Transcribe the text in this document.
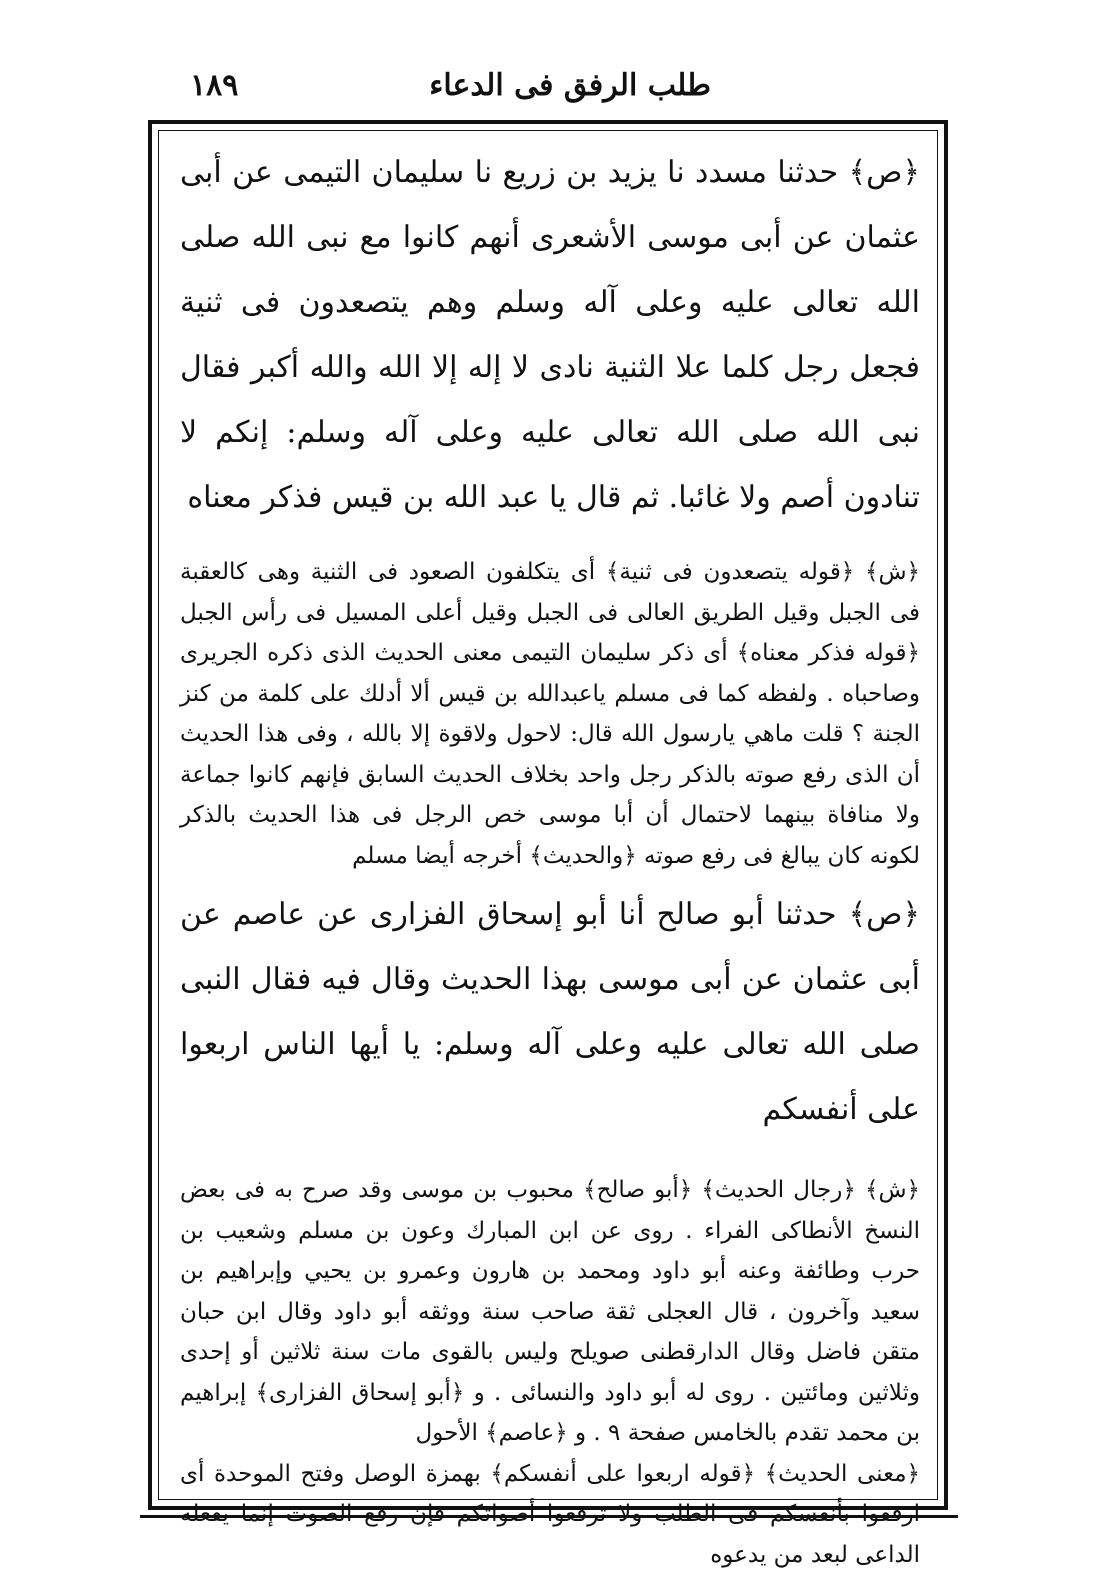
١٨٩	طلب الرفق فى الدعاء

﴿ص﴾ حدثنا مسدد نا يزيد بن زريع نا سليمان التيمى عن أبى عثمان عن أبى موسى الأشعرى أنهم كانوا مع نبى الله صلى الله تعالى عليه وعلى آله وسلم وهم يتصعدون فى ثنية فجعل رجل كلما علا الثنية نادى لا إله إلا الله والله أكبر فقال نبى الله صلى الله تعالى عليه وعلى آله وسلم: إنكم لا تنادون أصم ولا غائبا. ثم قال يا عبد الله بن قيس فذكر معناه

﴿ش﴾ ﴿قوله يتصعدون فى ثنية﴾ أى يتكلفون الصعود فى الثنية وهى كالعقبة فى الجبل وقيل الطريق العالى فى الجبل وقيل أعلى المسيل فى رأس الجبل ﴿قوله فذكر معناه﴾ أى ذكر سليمان التيمى معنى الحديث الذى ذكره الجريرى وصاحباه . ولفظه كما فى مسلم ياعبدالله بن قيس ألا أدلك على كلمة من كنز الجنة ؟ قلت ماهي يارسول الله قال: لاحول ولاقوة إلا بالله ، وفى هذا الحديث أن الذى رفع صوته بالذكر رجل واحد بخلاف الحديث السابق فإنهم كانوا جماعة ولا منافاة بينهما لاحتمال أن أبا موسى خص الرجل فى هذا الحديث بالذكر لكونه كان يبالغ فى رفع صوته ﴿والحديث﴾ أخرجه أيضا مسلم

﴿ص﴾ حدثنا أبو صالح أنا أبو إسحاق الفزارى عن عاصم عن أبى عثمان عن أبى موسى بهذا الحديث وقال فيه فقال النبى صلى الله تعالى عليه وعلى آله وسلم: يا أيها الناس اربعوا على أنفسكم

﴿ش﴾ ﴿رجال الحديث﴾ ﴿أبو صالح﴾ محبوب بن موسى وقد صرح به فى بعض النسخ الأنطاكى الفراء . روى عن ابن المبارك وعون بن مسلم وشعيب بن حرب وطائفة وعنه أبو داود ومحمد بن هارون وعمرو بن يحيي وإبراهيم بن سعيد وآخرون ، قال العجلى ثقة صاحب سنة ووثقه أبو داود وقال ابن حبان متقن فاضل وقال الدارقطنى صويلح وليس بالقوى مات سنة ثلاثين أو إحدى وثلاثين ومائتين . روى له أبو داود والنسائى . و ﴿أبو إسحاق الفزارى﴾ إبراهيم بن محمد تقدم بالخامس صفحة ٩ . و ﴿عاصم﴾ الأحول

﴿معنى الحديث﴾ ﴿قوله اربعوا على أنفسكم﴾ بهمزة الوصل وفتح الموحدة أى ارفقوا بأنفسكم فى الطلب ولا ترفعوا أصواتكم فإن رفع الصوت إنما يفعله الداعى لبعد من يدعوه
